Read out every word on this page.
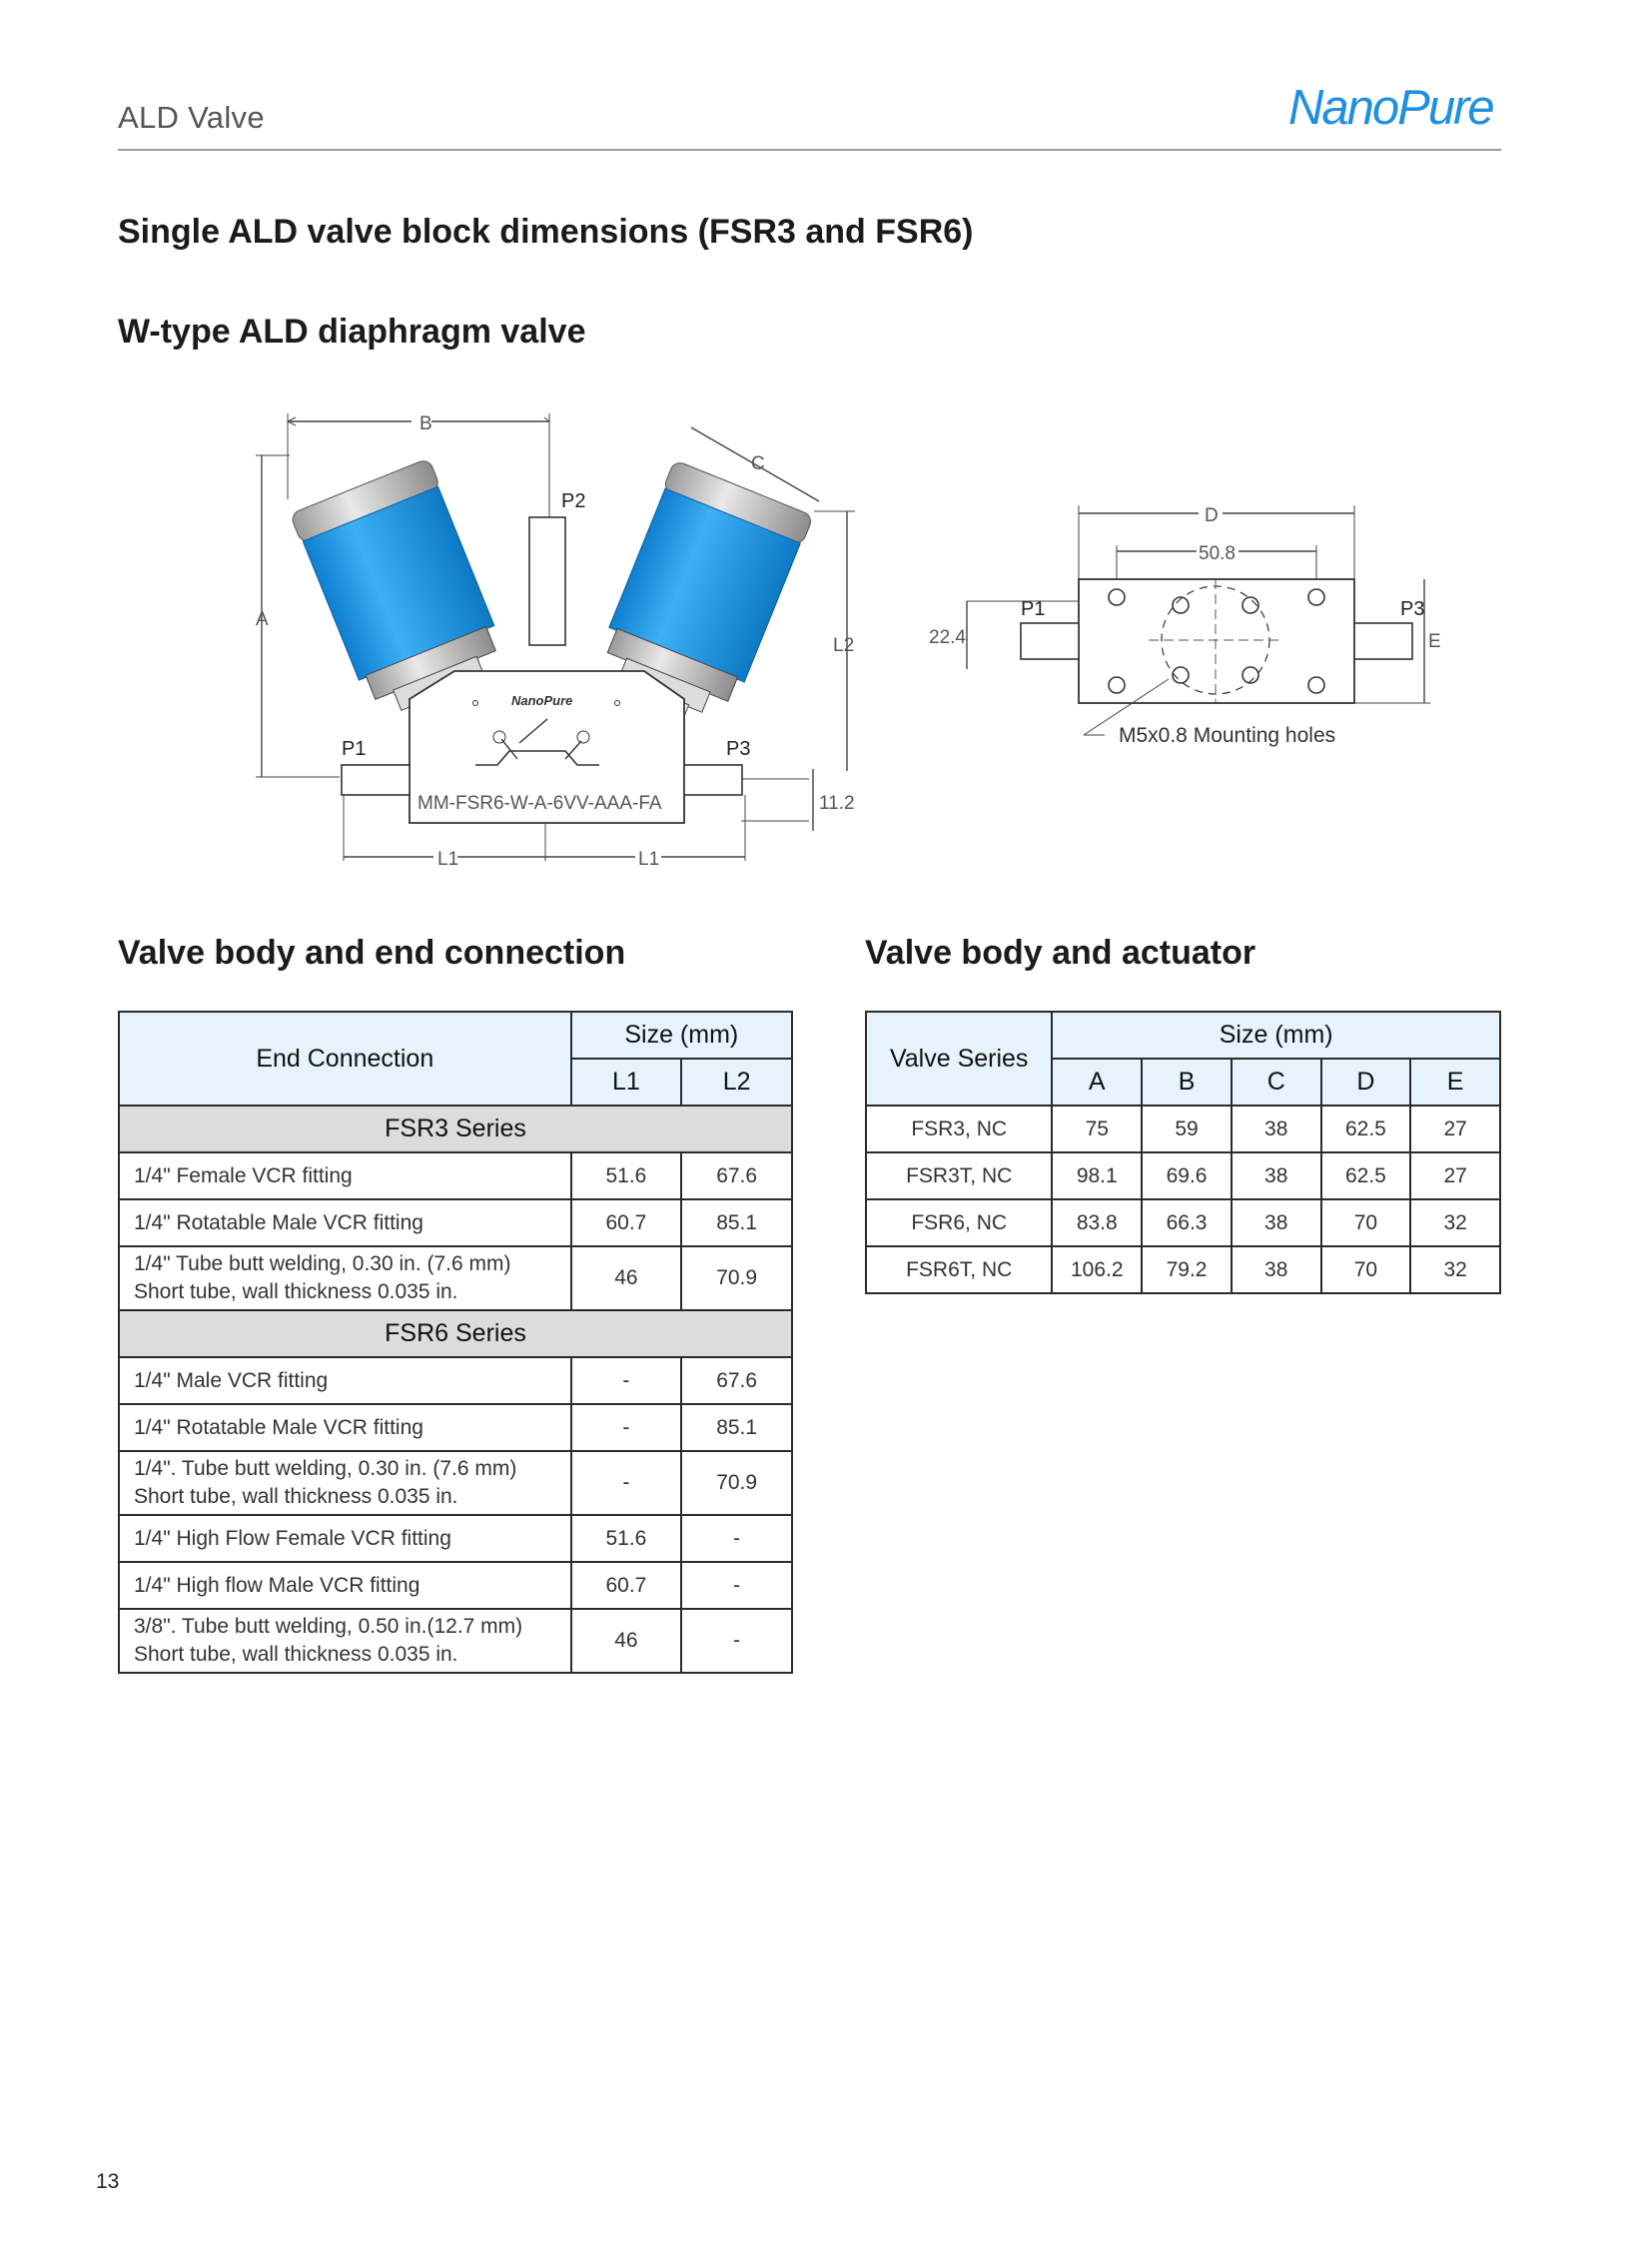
ALD Valve	NanoPure
Single ALD valve block dimensions (FSR3 and FSR6)
W-type ALD diaphragm valve
B
A
C
L2
11.2
P2
NanoPure
P1	P3
MM-FSR6-W-A-6VV-AAA-FA
L1	L1
D
50.8
P1	P3
22.4	E
M5x0.8 Mounting holes
Valve body and end connection	Valve body and actuator
End Connection	Size (mm)	
	L1	L2
FSR3 Series		
1/4" Female VCR fitting	51.6	67.6
1/4" Rotatable Male VCR fitting	60.7	85.1

1/4" Tube butt welding, 0.30 in. (7.6 mm)
Short tube, wall thickness 0.035 in.	46	70.9
FSR6 Series		
1/4" Male VCR fitting	-	67.6
1/4" Rotatable Male VCR fitting	-	85.1

1/4". Tube butt welding, 0.30 in. (7.6 mm)
Short tube, wall thickness 0.035 in.	-	70.9
1/4" High Flow Female VCR fitting	51.6	-
1/4" High flow Male VCR fitting	60.7	-

3/8". Tube butt welding, 0.50 in.(12.7 mm)
Short tube, wall thickness 0.035 in.	46	-
Valve Series	Size (mm)				
	A	B	C	D	E
FSR3, NC	75	59	38	62.5	27
FSR3T, NC	98.1	69.6	38	62.5	27
FSR6, NC	83.8	66.3	38	70	32
FSR6T, NC	106.2	79.2	38	70	32
13
